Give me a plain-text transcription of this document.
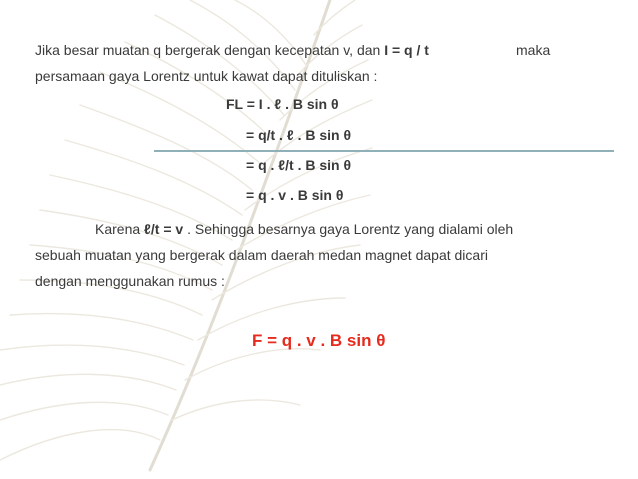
Jika besar muatan q bergerak dengan kecepatan v, dan I = q / t	maka
persamaan gaya Lorentz untuk kawat dapat dituliskan :
FL = I . ℓ . B sin θ
= q/t . ℓ . B sin θ
= q . ℓ/t . B sin θ
= q . v . B sin θ
Karena ℓ/t = v . Sehingga besarnya gaya Lorentz yang dialami oleh
sebuah muatan yang bergerak dalam daerah medan magnet dapat dicari
dengan menggunakan rumus :
F = q . v . B sin θ
